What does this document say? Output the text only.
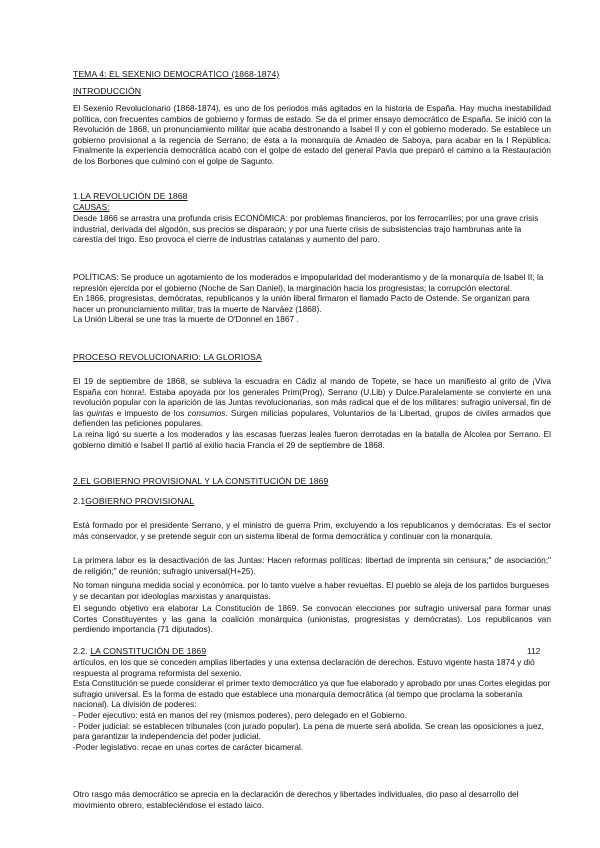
TEMA 4: EL SEXENIO DEMOCRÁTICO (1868-1874)
INTRODUCCIÓN

El Sexenio Revolucionario (1868-1874), es uno de los periodos más agitados en la historia de España. Hay mucha inestabilidad política, con frecuentes cambios de gobierno y formas de estado. Se da el primer ensayo democrático de España. Se inició con la Revolución de 1868, un pronunciamiento militar que acaba destronando a Isabel II y con el gobierno moderado. Se establece un gobierno provisional a la regencia de Serrano; de ésta a la monarquía de Amadeo de Saboya, para acabar en la I República. Finalmente la experiencia democrática acabó con el golpe de estado del general Pavía que preparó el camino a la Restauración de los Borbones que culminó con el golpe de Sagunto.

1.LA REVOLUCIÓN DE 1868
CAUSAS:

Desde 1866 se arrastra una profunda crisis ECONÓMICA: por problemas financieros, por los ferrocarriles; por una grave crisis industrial, derivada del algodón, sus precios se disparaon; y por una fuerte crisis de subsistencias trajo hambrunas ante la carestía del trigo. Eso provoca el cierre de industrias catalanas y aumento del paro.

POLÍTICAS: Se produce un agotamiento de los moderados e impopularidad del moderantismo y de la monarquía de Isabel II; la represión ejercida por el gobierno (Noche de San Daniel), la marginación hacia los progresistas; la corrupción electoral.

En 1866, progresistas, demócratas, republicanos y la unión liberal firmaron el llamado Pacto de Ostende. Se organizan para hacer un pronunciamiento militar, tras la muerte de Narváez (1868).

La Unión Liberal se une tras la muerte de O'Donnel en 1867 .

PROCESO REVOLUCIONARIO: LA GLORIOSA

El 19 de septiembre de 1868, se subleva la escuadra en Cádiz al mando de Topete, se hace un manifiesto al grito de ¡Viva España con honra!. Estaba apoyada por los generales Prim(Prog), Serrano (U.Lib) y Dulce.Paralelamente se convierte en una revolución popular con la aparición de las Juntas revolucionarias, son más radical que el de los militares: sufragio universal, fin de las quintas e impuesto de los consumos. Surgen milicias populares, Voluntarios de la Libertad, grupos de civiles armados que defienden las peticiones populares.

La reina ligó su suerte a los moderados y las escasas fuerzas leales fueron derrotadas en la batalla de Alcolea por Serrano. El gobierno dimitió e Isabel II partió al exilio hacia Francia el 29 de septiembre de 1868.

2.EL GOBIERNO PROVISIONAL Y LA CONSTITUCIÓN DE 1869
2.1GOBIERNO PROVISIONAL

Está formado por el presidente Serrano, y el ministro de guerra Prim, excluyendo a los republicanos y demócratas. Es el sector más conservador, y se pretende seguir con un sistema liberal de forma democrática y continuar con la monarquía.

La primera labor es la desactivación de las Juntas: Hacen reformas políticas: libertad de imprenta sin censura;" de asociación;" de religión;" de reunión; sufragio universal(H+25).

No toman ninguna medida social y económica. por lo tanto vuelve a haber revueltas. El pueblo se aleja de los partidos burgueses y se decantan por ideologías marxistas y anarquistas.

El segundo objetivo era elaborar La Constitución de 1869. Se convocan elecciones por sufragio universal para formar unas Cortes Constituyentes y las gana la coalición monárquica (unionistas, progresistas y demócratas). Los republicanos van perdiendo importancia (71 diputados).

2.2. LA CONSTITUCIÓN DE 1869	112

artículos, en los que se conceden amplias libertades y una extensa declaración de derechos. Estuvo vigente hasta 1874 y dió respuesta al programa reformista del sexenio.

Esta Constitución se puede considerar el primer texto democrático ya que fue elaborado y aprobado por unas Cortes elegidas por sufragio universal. Es la forma de estado que establece una monarquía democrática (al tiempo que proclama la soberanía nacional). La división de poderes:

- Poder ejecutivo: está en manos del rey (mismos poderes), pero delegado en el Gobierno.

- Poder judicial: se establecen tribunales (con jurado popular). La pena de muerte será abolida. Se crean las oposiciones a juez, para garantizar la independencia del poder judicial.

-Poder legislativo. recae en unas cortes de carácter bicameral.

Otro rasgo más democrático se aprecia en la declaración de derechos y libertades individuales, dio paso al desarrollo del movimiento obrero, estableciéndose el estado laico.
